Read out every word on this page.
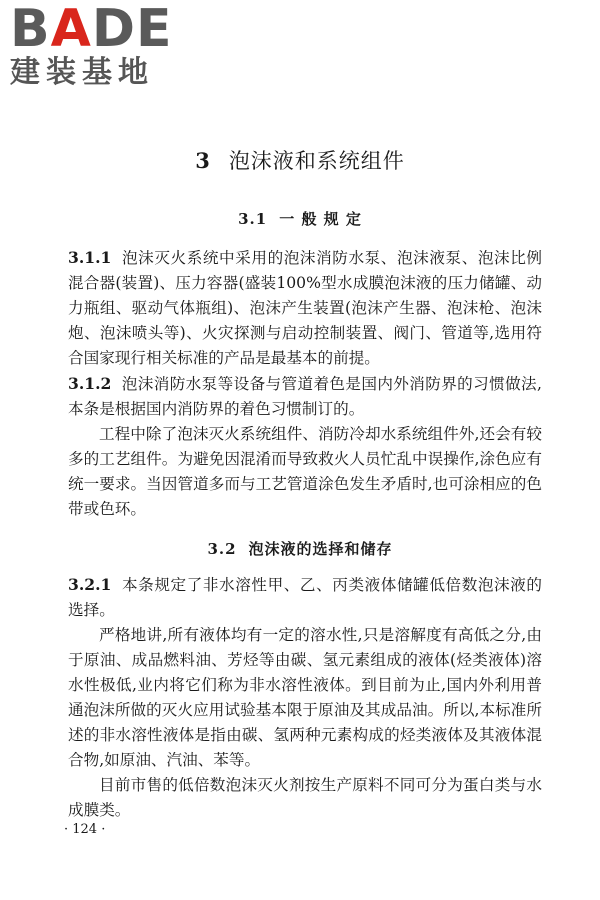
B A DE
建装基地
3 泡沫液和系统组件
3.1 一 般 规 定

3.1.1 泡沫灭火系统中采用的泡沫消防水泵、泡沫液泵、泡沫比例混合器(装置)、压力容器(盛装100%型水成膜泡沫液的压力储罐、动力瓶组、驱动气体瓶组)、泡沫产生装置(泡沫产生器、泡沫枪、泡沫炮、泡沫喷头等)、火灾探测与启动控制装置、阀门、管道等,选用符合国家现行相关标准的产品是最基本的前提。

3.1.2 泡沫消防水泵等设备与管道着色是国内外消防界的习惯做法,本条是根据国内消防界的着色习惯制订的。

工程中除了泡沫灭火系统组件、消防冷却水系统组件外,还会有较多的工艺组件。为避免因混淆而导致救火人员忙乱中误操作,涂色应有统一要求。当因管道多而与工艺管道涂色发生矛盾时,也可涂相应的色带或色环。

3.2 泡沫液的选择和储存

3.2.1 本条规定了非水溶性甲、乙、丙类液体储罐低倍数泡沫液的选择。

严格地讲,所有液体均有一定的溶水性,只是溶解度有高低之分,由于原油、成品燃料油、芳烃等由碳、氢元素组成的液体(烃类液体)溶水性极低,业内将它们称为非水溶性液体。到目前为止,国内外利用普通泡沫所做的灭火应用试验基本限于原油及其成品油。所以,本标准所述的非水溶性液体是指由碳、氢两种元素构成的烃类液体及其液体混合物,如原油、汽油、苯等。

目前市售的低倍数泡沫灭火剂按生产原料不同可分为蛋白类与水成膜类。

· 124 ·
